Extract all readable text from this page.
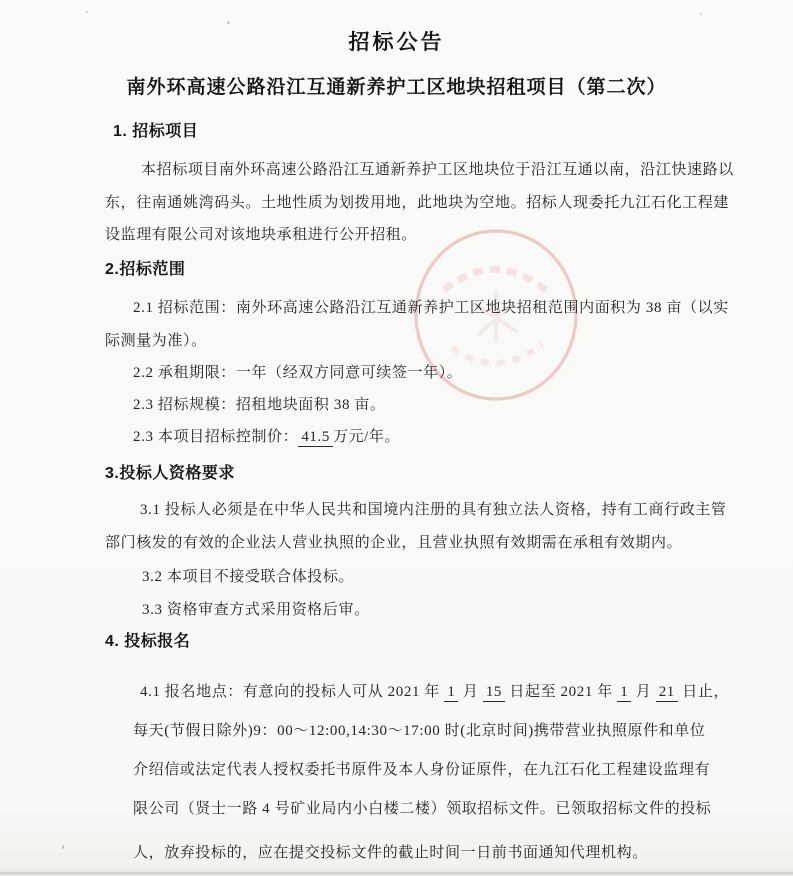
招标公告
南外环高速公路沿江互通新养护工区地块招租项目（第二次）
1. 招标项目
本招标项目南外环高速公路沿江互通新养护工区地块位于沿江互通以南，沿江快速路以
东，往南通姚湾码头。土地性质为划拨用地，此地块为空地。招标人现委托九江石化工程建
设监理有限公司对该地块承租进行公开招租。
2.招标范围
2.1 招标范围：南外环高速公路沿江互通新养护工区地块招租范围内面积为 38 亩（以实
际测量为准）。
2.2 承租期限：一年（经双方同意可续签一年）。
2.3 招标规模：招租地块面积 38 亩。
2.3 本项目招标控制价： 41.5 万元/年。
3.投标人资格要求
3.1 投标人必须是在中华人民共和国境内注册的具有独立法人资格，持有工商行政主管
部门核发的有效的企业法人营业执照的企业，且营业执照有效期需在承租有效期内。
3.2 本项目不接受联合体投标。
3.3 资格审查方式采用资格后审。
4. 投标报名
4.1 报名地点：有意向的投标人可从 2021 年 1 月 15 日起至 2021 年 1 月 21 日止，
每天(节假日除外)9：00～12:00,14:30～17:00 时(北京时间)携带营业执照原件和单位
介绍信或法定代表人授权委托书原件及本人身份证原件，在九江石化工程建设监理有
限公司（贤士一路 4 号矿业局内小白楼二楼）领取招标文件。已领取招标文件的投标
人，放弃投标的，应在提交投标文件的截止时间一日前书面通知代理机构。
